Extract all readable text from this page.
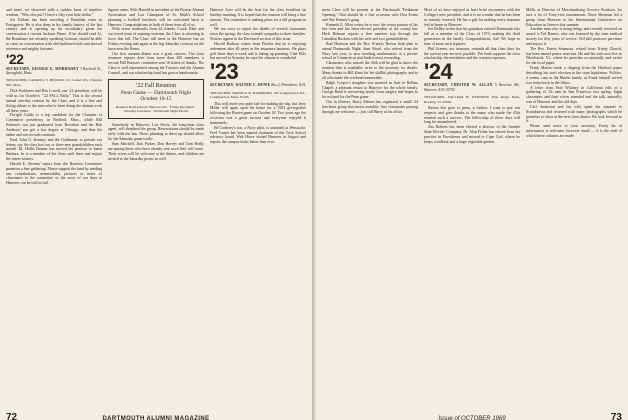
and heart, we observed with a sudden burst of intuitive wisdom, "Who else put? I have a fifty-cent hole-dollar."

Joe Fullam has been traveling a Brazilian route in Portuguese. He is also deep in his family history of the last century and is opening up his vocabulary given his conversation a current Jackson Prime. If he should read Jo, the Brazilians are certainly speaking German, should be able to carry on conversation with old-fashioned style and shrewd reference and mighty fortunes.

'22
SECRETARY, GEORGE E. MORRISSEY 3 Rockwell St., Springfield, Mass.
TREASURER, CARROLL S. BEATON, 151 Laurel Rd., Chestnut Hill, Mass.

Dick Parkhurst and Ben Lowell, our '22 president, will be with us for October's "'22 FALL Rally." This is the second annual one-day reunion by the Class, and it is a fine and fitting tribute to the men who've been doing the alumni work all these years.

Dwight Cuddy is a top candidate for the Chamber of Commerce presidency in Bedford, Mass., while Bill Keenan's son just graduated from Bowdoin and the Bob Andrews' son got a law degree at Chicago, and thus the father and son records continue.

Paul, John G. Kenney, and the Goldmans, to present our letters, say the class has two or three new grandchildren each month. Dr. Hollis Bonner has moved his practice to Santa Barbara; he is a member of the clinic staff there and enjoys the warm winters.

Harold E. Stevens' report from the Reunion Committee promises a fine gathering. Please support the fund by sending any contributions, memorabilia, pictures or notes of classmates to the committee so the story of our days at Hanover can be told in full.

figures came, With Hanold as president of the Boston Alumni Association and Lou Champion of St. Mark's School planning a football luncheon, will be welcomed back to Hanover. Congratulations to both of them from all of us.

With seven notebooks from 24 friends, Coach Blair and our loved team of aspiring veterans, the Class is returning in force this fall. The Class will meet in the Hanover Inn on Friday evening and again at the big Saturday cookout on the lawn near the Bema.

Our first autumn dinner was a great success. The class treasurer reports dues from more than 200 members, a record; Bill Burton's committee sent 16 letters of thanks. The Class is well represented among the Trustees and the Alumni Council, and our scholarship fund has grown handsomely.

'22 Fall Reunion
Penn Game — Dartmouth Night
October 10-15
Reunion Headquarters: Hanover Inn · Friday Reception · Saturday Luncheon · Dartmouth Night Parade

Somebody in Hanover, Lou Ferris, the long-time class agent, will shepherd the group. Reservations should be made early with the Inn. Those planning to drive up should allow for the Saturday game traffic.

Sam Mitchell, Jack Parker, Don Harvey and Tom Reilly are among those who have already sent word they will come. Their wives will be welcome at the dinner, and children are invited to the Saturday picnic as well.

Hanover Area will be the host for the class breakfast on Sunday morning. It is hoped that the reunion will bring a fine turnout. The committee is making plans for a fall program as well.

We are sorry to report the deaths of several classmates since the spring; the class extends sympathy to their families. Notices appear in the Deceased section of this issue.

Harold Barbour writes from Florida that he is enjoying retirement after 40 years in the insurance business. He plays golf three days a week and is taking up painting. Chet Ellis has moved to Arizona; he says the climate is wonderful.

'23
SECRETARY, WALTER C. HOWE Box 2, Plainsboro, N.H.
TREASURER, HAROLD W. HAMMOND, 100 Longmeadow Rd., Longmeadow, Mass. 01106

This will reach you quite late for making the trip, but Jerry Miller will again open his home for a 1923 get-together following the Brown game on October 18. Two years ago the occasion was a great success and everyone enjoyed it immensely.

Ed Carberry's son, a Navy pilot, is stationed at Pensacola. Fred Turner has been named chairman of the Tuck School advisory board. Walt Howe visited Hanover in August and reports the campus looks better than ever.

72	DARTMOUTH ALUMNI MAGAZINE

ment Class will be present at the Dartmouth 'Freshman Opening.' That should be a fine occasion with Don Evans and Abe Kenney's gang.

Kenneth E. Allen writes he is now the senior partner of his law firm and has been elected president of the county bar. Herb Holman reports a fine summer trip through the Canadian Rockies with his wife and two grandchildren.

Bud Harrison and the Rev. Francis Brown both plan to attend Dartmouth Night. Stan Wood, who retired from the Navy last year, is now teaching mathematics at a private school in Connecticut and finds it most rewarding.

Classmates who missed the 45th will be glad to know the reunion film is available; write to the secretary for details. Many thanks to Bill Kane for his skillful photography and to all who made the weekend memorable.

Ralph Cooper's daughter was married in June in Rollins Chapel, a pleasant return to Hanover for the whole family. George Rand is recovering nicely from surgery and hopes to be on hand for the Penn game.

Out in Denver, Harry Mason has organized a small '24 luncheon group that meets monthly. Any classmates passing through are welcome — just call Harry at his office.

Most of us have enjoyed at least brief encounters with the College's new president, and it is no wonder that he has been so warmly received. He has a gift for making every alumnus feel at home in Hanover.

Joe Kelley writes that his grandson entered Dartmouth this fall as a member of the Class of 1973, making the third generation in the family. Congratulations, Joe! We hope to hear of more such legacies.

Phil Greene, our treasurer, reminds all that class dues for the current year are now payable. The fund supports the class scholarship, the newsletter and the reunion expenses.

'24
SECRETARY, CHESTER W. ALLAN 5 Brewster Rd., Hanover, N.H. 03755
TREASURER, WILLIAM H. KENNEDY, Pine Ridge Farm, Reading, Vt. 05062

Before this goes to press, a further, I want to pay our respects and give thanks to the many who made the 45th reunion such a success. The fellowship of those days will long be remembered.

Jim Roberts has been elected a director of the Granite State Electric Company. Dr. Alan Fisher has retired from his practice in Providence and moved to Cape Cod, where he keeps a sailboat and a large vegetable garden.

Millis as Director of Merchandising Grocery Products, for sure a lot of Forty-first tournaments. Dave Sherman led a group from Hanover to the International Conference on Education in Geneva this summer.

Another man who is doing things and recently received an award is Ted Barnes, who was honored by the state medical society for fifty years of service. Ted still practices part-time and enjoys it.

The Rev. Ernest Simmons, retired from Trinity Church, has been named pastor emeritus. He and his wife now live in Woodstock, Vt., where he preaches occasionally and writes for the local paper.

Frank Martin sends a clipping from the Hartford paper describing his son's election to the state legislature. Politics, it seems, runs in the Martin family, as Frank himself served two terms back in the fifties.

A letter from Bob Whitney in California tells of a gathering of '24 men in San Francisco last spring. Eight classmates and their wives attended and the talk, naturally, was of Hanover and the old days.

Carl Anderson and his wife spent the summer in Scandinavia and returned with many photographs which he promises to show at the next class dinner. We look forward to it.

Please send news to your secretary. Every bit of information is welcome, however small — it is the stuff of which these columns are made.

Issue of OCTOBER 1969	73
